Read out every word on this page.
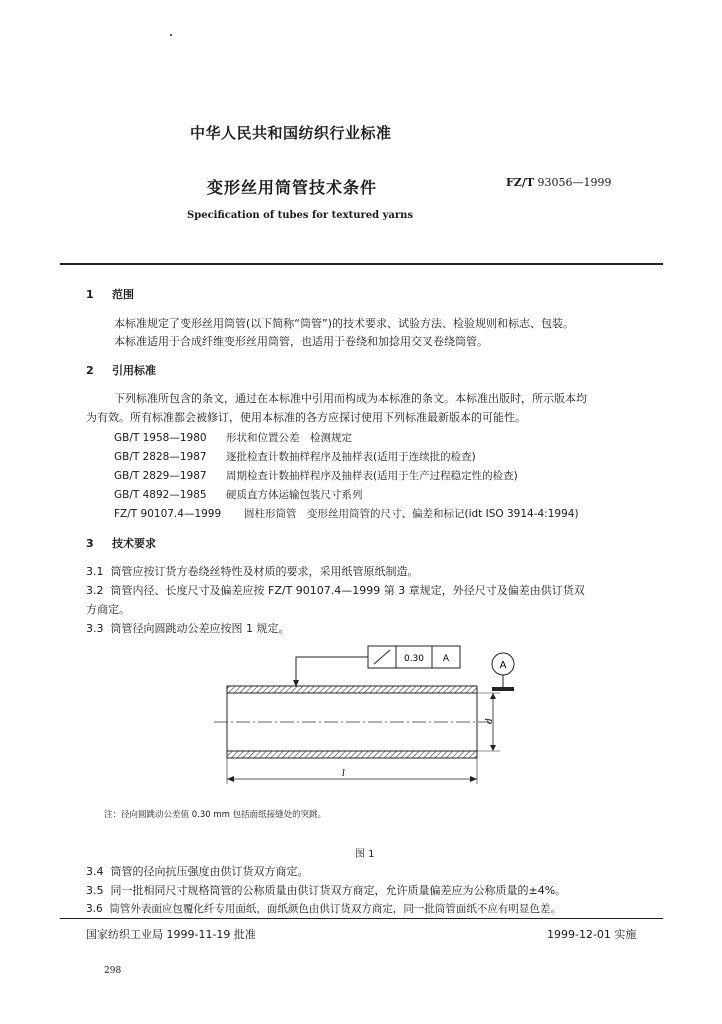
中华人民共和国纺织行业标准
变形丝用筒管技术条件	FZ/T 93056—1999
Specification of tubes for textured yarns
1 范围
本标准规定了变形丝用筒管(以下简称“筒管”)的技术要求、试验方法、检验规则和标志、包装。
本标准适用于合成纤维变形丝用筒管，也适用于卷绕和加捻用交叉卷绕筒管。
2 引用标准
下列标准所包含的条文，通过在本标准中引用而构成为本标准的条文。本标准出版时，所示版本均
为有效。所有标准都会被修订，使用本标准的各方应探讨使用下列标准最新版本的可能性。
GB/T 1958—1980 形状和位置公差　检测规定
GB/T 2828—1987 逐批检查计数抽样程序及抽样表(适用于连续批的检查)
GB/T 2829—1987 周期检查计数抽样程序及抽样表(适用于生产过程稳定性的检查)
GB/T 4892—1985 硬质直方体运输包装尺寸系列
FZ/T 90107.4—1999 圆柱形筒管　变形丝用筒管的尺寸、偏差和标记(idt ISO 3914-4:1994)
3 技术要求
3.1 筒管应按订货方卷绕丝特性及材质的要求，采用纸管原纸制造。
3.2 筒管内径、长度尺寸及偏差应按 FZ/T 90107.4—1999 第 3 章规定，外径尺寸及偏差由供订货双
方商定。
3.3 筒管径向圆跳动公差应按图 1 规定。
0.30 A
A
d
l
注：径向圆跳动公差值 0.30 mm 包括面纸接缝处的突跳。
图 1
3.4 筒管的径向抗压强度由供订货双方商定。
3.5 同一批相同尺寸规格筒管的公称质量由供订货双方商定，允许质量偏差应为公称质量的±4%。
3.6 筒管外表面应包覆化纤专用面纸，面纸颜色由供订货双方商定，同一批筒管面纸不应有明显色差。
国家纺织工业局 1999-11-19 批准	1999-12-01 实施
298
